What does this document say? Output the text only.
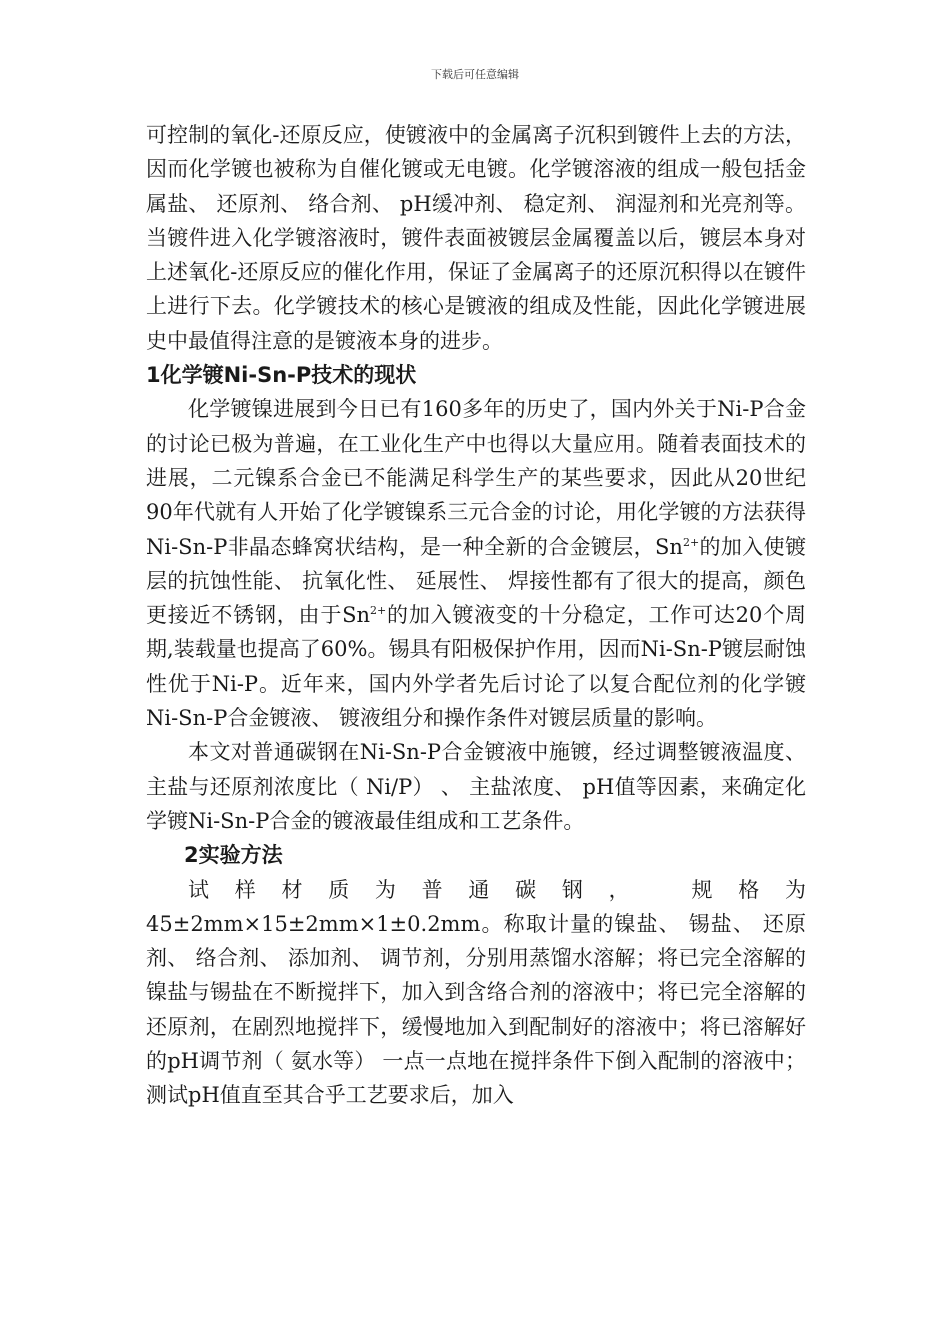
下载后可任意编辑

可控制的氧化-还原反应，使镀液中的金属离子沉积到镀件上去的方法，因而化学镀也被称为自催化镀或无电镀。化学镀溶液的组成一般包括金属盐、 还原剂、 络合剂、 pH缓冲剂、 稳定剂、 润湿剂和光亮剂等。当镀件进入化学镀溶液时，镀件表面被镀层金属覆盖以后，镀层本身对上述氧化-还原反应的催化作用，保证了金属离子的还原沉积得以在镀件上进行下去。化学镀技术的核心是镀液的组成及性能，因此化学镀进展史中最值得注意的是镀液本身的进步。

1化学镀Ni-Sn-P技术的现状

化学镀镍进展到今日已有160多年的历史了，国内外关于Ni-P合金的讨论已极为普遍，在工业化生产中也得以大量应用。随着表面技术的进展，二元镍系合金已不能满足科学生产的某些要求，因此从20世纪90年代就有人开始了化学镀镍系三元合金的讨论，用化学镀的方法获得Ni-Sn-P非晶态蜂窝状结构，是一种全新的合金镀层，$Sn^{2+}$的加入使镀层的抗蚀性能、 抗氧化性、 延展性、 焊接性都有了很大的提高，颜色更接近不锈钢，由于$Sn^{2+}$的加入镀液变的十分稳定，工作可达20个周期,装载量也提高了60%。锡具有阳极保护作用，因而Ni-Sn-P镀层耐蚀性优于Ni-P。近年来，国内外学者先后讨论了以复合配位剂的化学镀Ni-Sn-P合金镀液、 镀液组分和操作条件对镀层质量的影响。

本文对普通碳钢在Ni-Sn-P合金镀液中施镀，经过调整镀液温度、 主盐与还原剂浓度比（ Ni/P） 、 主盐浓度、 pH值等因素，来确定化学镀Ni-Sn-P合金的镀液最佳组成和工艺条件。

2实验方法

试样材质为普通碳钢，　规格为

45±2mm×15±2mm×1±0.2mm。称取计量的镍盐、 锡盐、 还原剂、 络合剂、 添加剂、 调节剂，分别用蒸馏水溶解；将已完全溶解的镍盐与锡盐在不断搅拌下，加入到含络合剂的溶液中；将已完全溶解的还原剂，在剧烈地搅拌下，缓慢地加入到配制好的溶液中；将已溶解好的pH调节剂（ 氨水等） 一点一点地在搅拌条件下倒入配制的溶液中；测试pH值直至其合乎工艺要求后，加入
